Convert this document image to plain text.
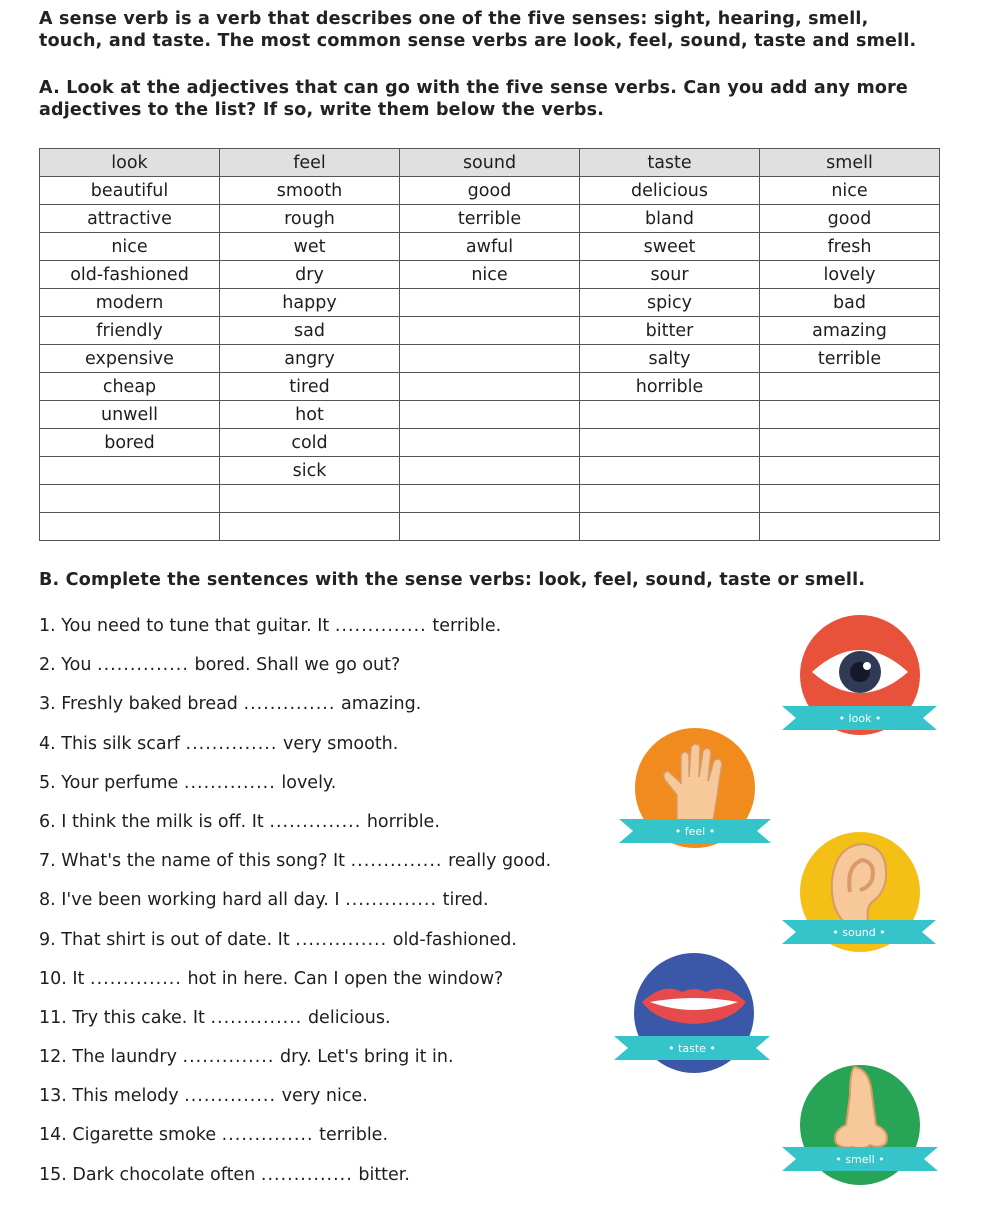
A sense verb is a verb that describes one of the five senses: sight, hearing, smell,

touch, and taste. The most common sense verbs are look, feel, sound, taste and smell.

A. Look at the adjectives that can go with the five sense verbs. Can you add any more

adjectives to the list? If so, write them below the verbs.

look	feel	sound	taste	smell
beautiful	smooth	good	delicious	nice
attractive	rough	terrible	bland	good
nice	wet	awful	sweet	fresh
old-fashioned	dry	nice	sour	lovely
modern	happy		spicy	bad
friendly	sad		bitter	amazing
expensive	angry		salty	terrible
cheap	tired		horrible	
unwell	hot			
bored	cold			
	sick			

B. Complete the sentences with the sense verbs: look, feel, sound, taste or smell.

1. You need to tune that guitar. It .............. terrible.
2. You .............. bored. Shall we go out?
3. Freshly baked bread .............. amazing.
4. This silk scarf .............. very smooth.
5. Your perfume .............. lovely.
6. I think the milk is off. It .............. horrible.
7. What's the name of this song? It .............. really good.
8. I've been working hard all day. I .............. tired.
9. That shirt is out of date. It .............. old-fashioned.
10. It .............. hot in here. Can I open the window?
11. Try this cake. It .............. delicious.
12. The laundry .............. dry. Let's bring it in.
13. This melody .............. very nice.
14. Cigarette smoke .............. terrible.
15. Dark chocolate often .............. bitter.
• look •
• feel •
• sound •
• taste •
• smell •
